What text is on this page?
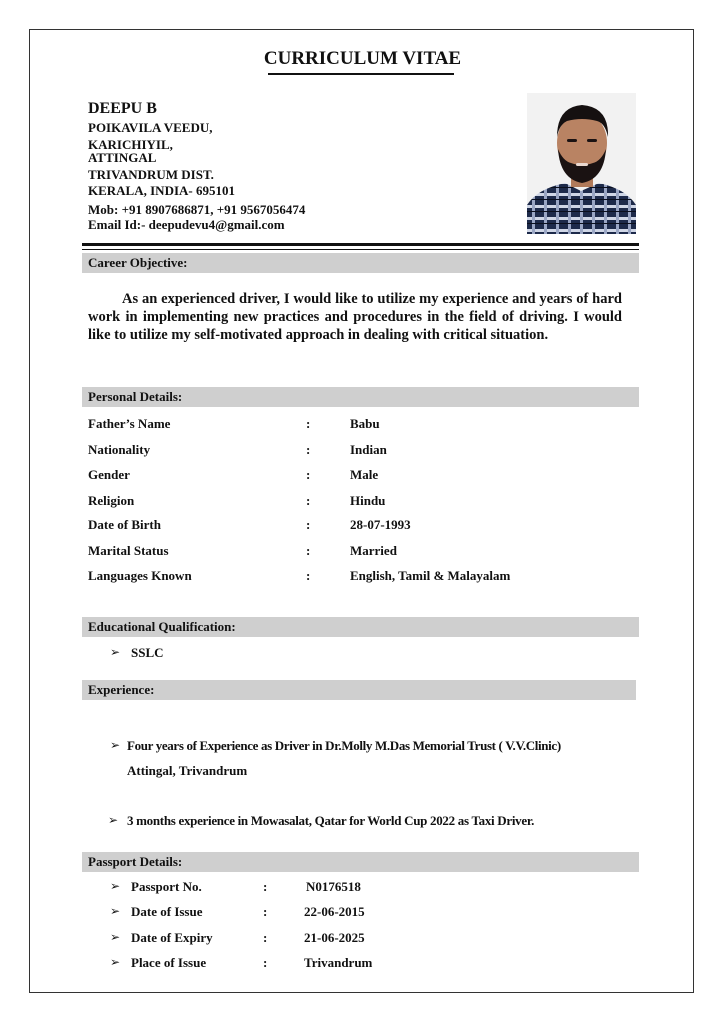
CURRICULUM VITAE
DEEPU B
POIKAVILA VEEDU,
KARICHIYIL,
ATTINGAL
TRIVANDRUM DIST.
KERALA, INDIA- 695101
Mob: +91 8907686871, +91 9567056474
Email Id:- deepudevu4@gmail.com
Career Objective:
As an experienced driver, I would like to utilize my experience and years of hard work in implementing new practices and procedures in the field of driving. I would like to utilize my self-motivated approach in dealing with critical situation.
Personal Details:
Father’s Name	:	Babu
Nationality	:	Indian
Gender	:	Male
Religion	:	Hindu
Date of Birth	:	28-07-1993
Marital Status	:	Married
Languages Known	:	English, Tamil & Malayalam
Educational Qualification:
➢ SSLC
Experience:
➢ Four years of Experience as Driver in Dr.Molly M.Das Memorial Trust ( V.V.Clinic)
Attingal, Trivandrum
➢ 3 months experience in Mowasalat, Qatar for World Cup 2022 as Taxi Driver.
Passport Details:
➢ Passport No.	:	N0176518
➢ Date of Issue	:	22-06-2015
➢ Date of Expiry	:	21-06-2025
➢ Place of Issue	:	Trivandrum
